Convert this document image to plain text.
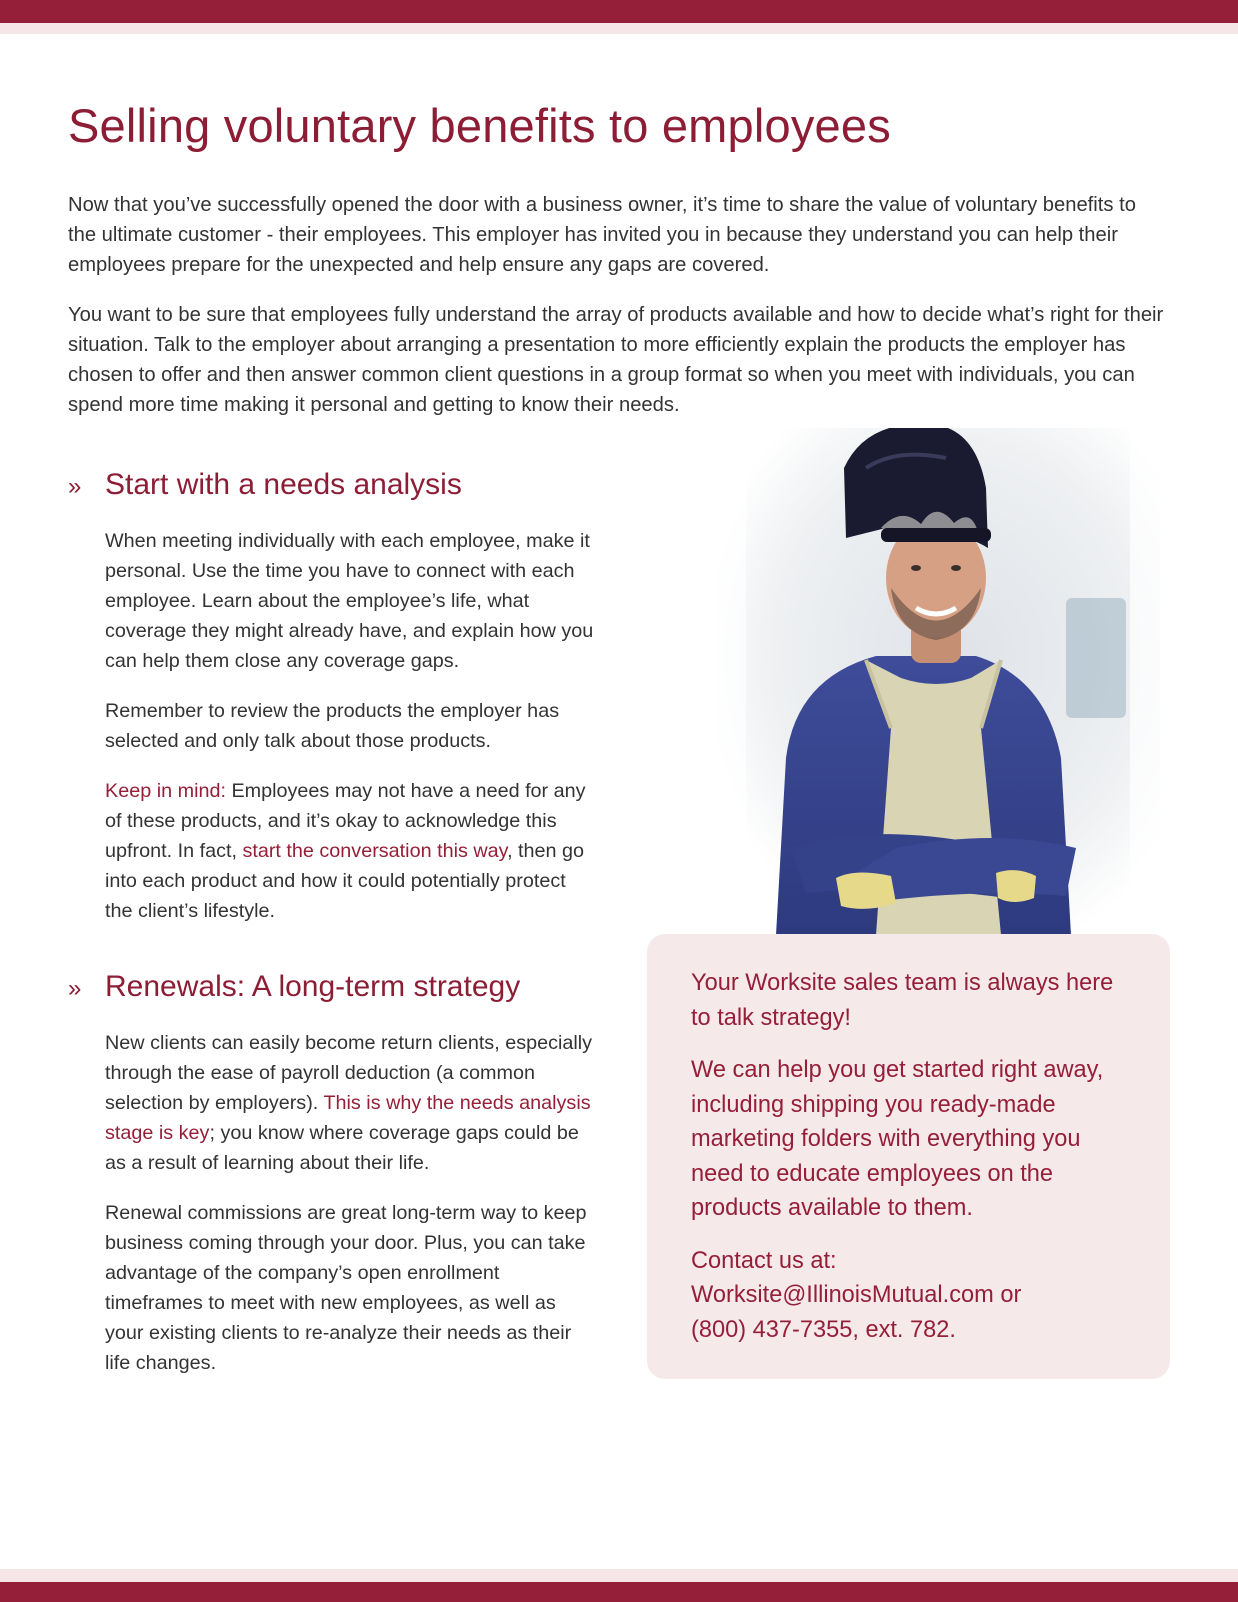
Selling voluntary benefits to employees

Now that you’ve successfully opened the door with a business owner, it’s time to share the value of voluntary benefits to the ultimate customer - their employees. This employer has invited you in because they understand you can help their employees prepare for the unexpected and help ensure any gaps are covered.

You want to be sure that employees fully understand the array of products available and how to decide what’s right for their situation. Talk to the employer about arranging a presentation to more efficiently explain the products the employer has chosen to offer and then answer common client questions in a group format so when you meet with individuals, you can spend more time making it personal and getting to know their needs.

» Start with a needs analysis

When meeting individually with each employee, make it personal. Use the time you have to connect with each employee. Learn about the employee’s life, what coverage they might already have, and explain how you can help them close any coverage gaps.

Remember to review the products the employer has selected and only talk about those products.

Keep in mind: Employees may not have a need for any of these products, and it’s okay to acknowledge this upfront. In fact, start the conversation this way, then go into each product and how it could potentially protect the client’s lifestyle.

» Renewals: A long-term strategy

New clients can easily become return clients, especially through the ease of payroll deduction (a common selection by employers). This is why the needs analysis stage is key; you know where coverage gaps could be as a result of learning about their life.

Renewal commissions are great long-term way to keep business coming through your door. Plus, you can take advantage of the company’s open enrollment timeframes to meet with new employees, as well as your existing clients to re-analyze their needs as their life changes.

Your Worksite sales team is always here to talk strategy!

We can help you get started right away, including shipping you ready-made marketing folders with everything you need to educate employees on the products available to them.

Contact us at:
Worksite@IllinoisMutual.com or
(800) 437-7355, ext. 782.
